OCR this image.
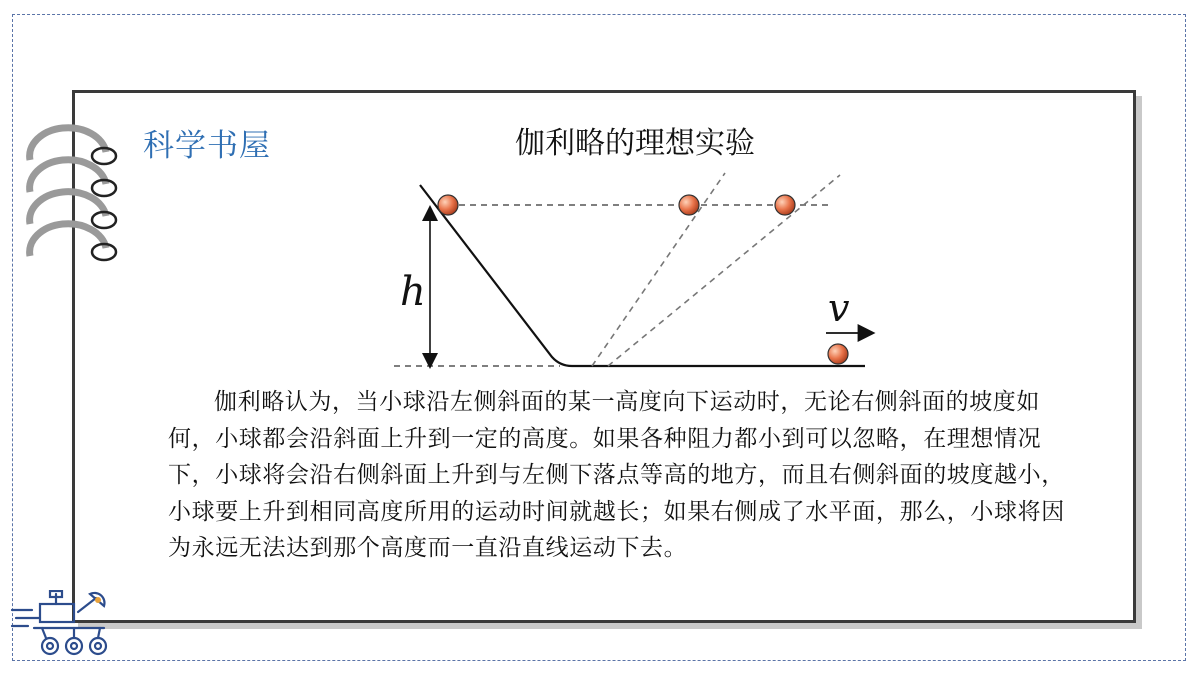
科学书屋	伽利略的理想实验
h	v

伽利略认为，当小球沿左侧斜面的某一高度向下运动时，无论右侧斜面的坡度如何，小球都会沿斜面上升到一定的高度。如果各种阻力都小到可以忽略，在理想情况下，小球将会沿右侧斜面上升到与左侧下落点等高的地方，而且右侧斜面的坡度越小，小球要上升到相同高度所用的运动时间就越长；如果右侧成了水平面，那么，小球将因为永远无法达到那个高度而一直沿直线运动下去。
